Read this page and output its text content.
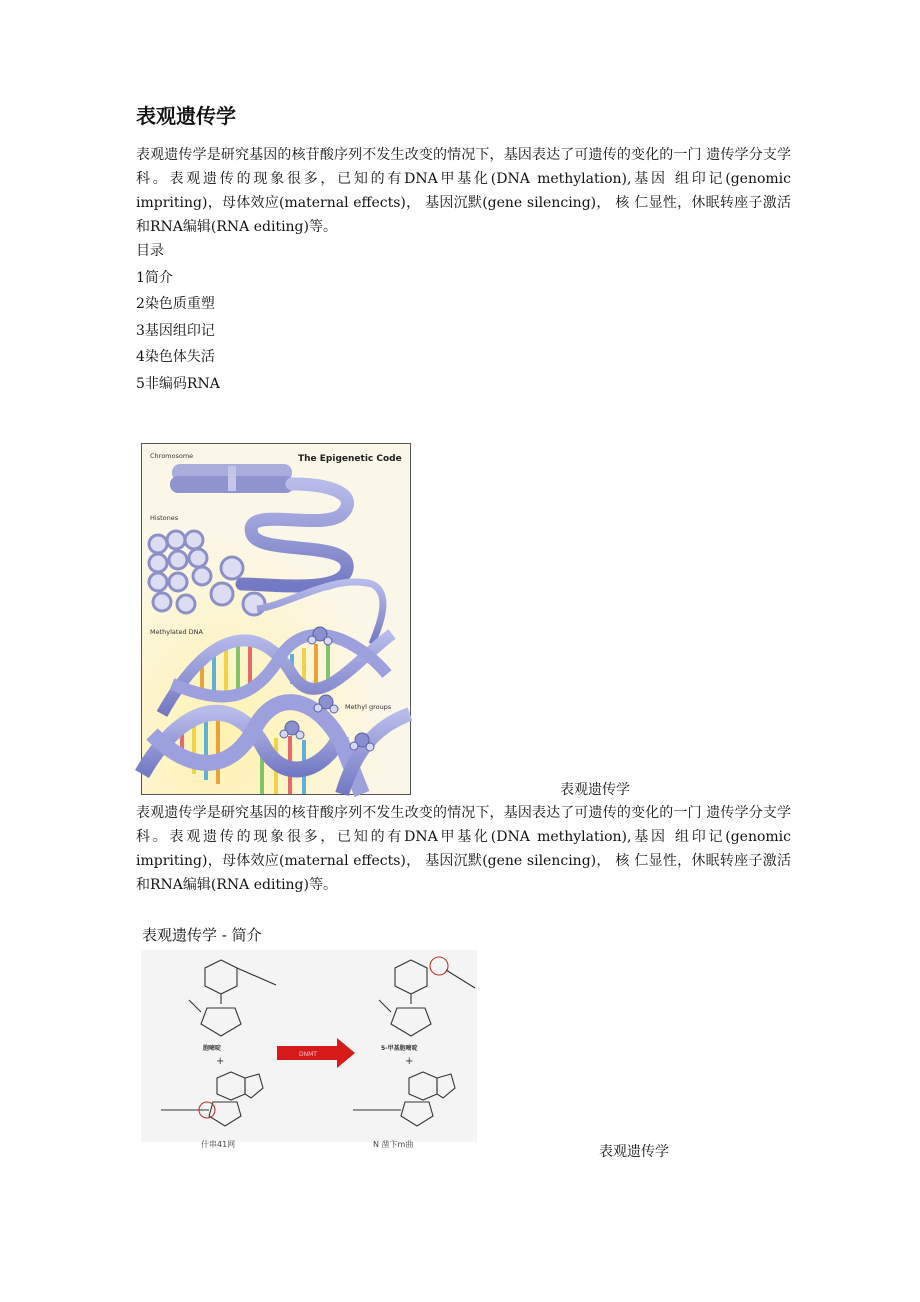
表观遗传学

表观遗传学是研究基因的核苷酸序列不发生改变的情况下，基因表达了可遗传的变化的一门 遗传学分支学科。表观遗传的现象很多，已知的有DNA甲基化(DNA methylation),基因 组印记(genomic impriting)，母体效应(maternal effects)， 基因沉默(gene silencing)， 核 仁显性，休眠转座子激活和RNA编辑(RNA editing)等。

目录
1简介
2染色质重塑
3基因组印记
4染色体失活
5非编码RNA
The Epigenetic Code
Chromosome
Histones
Methylated DNA
Methyl groups

表观遗传学

表观遗传学是研究基因的核苷酸序列不发生改变的情况下，基因表达了可遗传的变化的一门 遗传学分支学科。表观遗传的现象很多，已知的有DNA甲基化(DNA methylation),基因 组印记(genomic impriting)，母体效应(maternal effects)， 基因沉默(gene silencing)， 核 仁显性，休眠转座子激活和RNA编辑(RNA editing)等。

表观遗传学 - 简介

胞嘧啶
+
DNMT
5-甲基胞嘧啶
+
什串41网	N 凿卞m曲	表观遗传学
